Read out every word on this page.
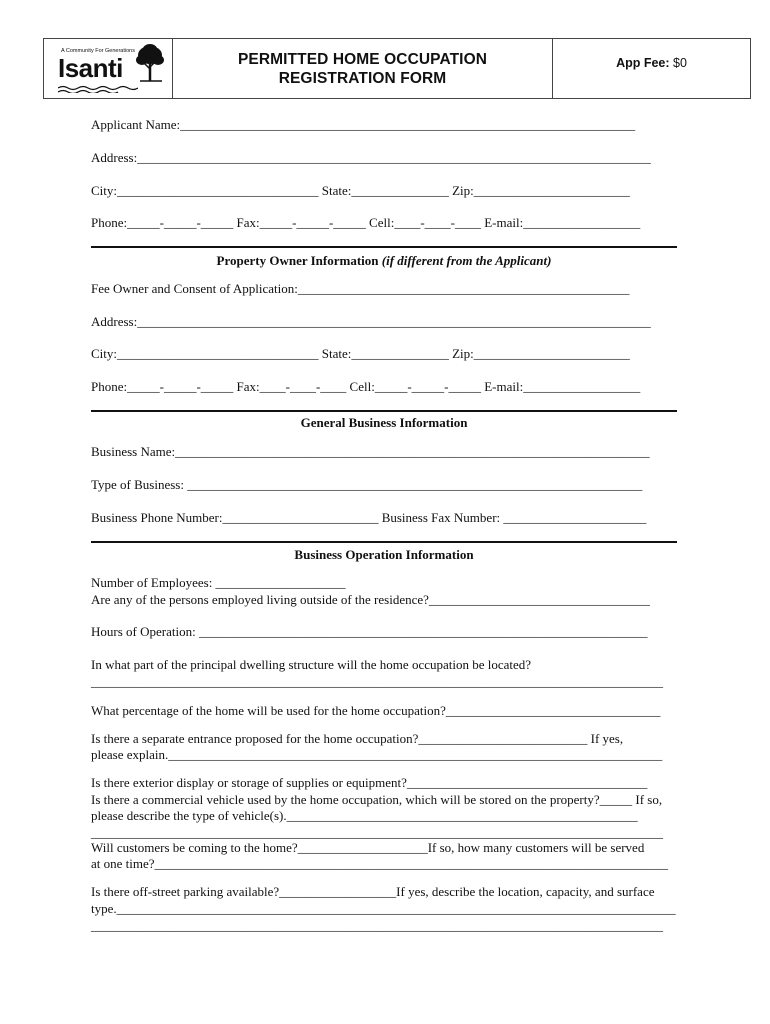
A Community For Generations
Isanti	PERMITTED HOME OCCUPATION
REGISTRATION FORM
App Fee: $0
Applicant Name:______________________________________________________________________
Address:_______________________________________________________________________________
City:_______________________________ State:_______________ Zip:________________________
Phone:_____-_____-_____ Fax:_____-_____-_____ Cell:____-____-____ E-mail:__________________
Property Owner Information (if different from the Applicant)
Fee Owner and Consent of Application:___________________________________________________
Address:_______________________________________________________________________________
City:_______________________________ State:_______________ Zip:________________________
Phone:_____-_____-_____ Fax:____-____-____ Cell:_____-_____-_____ E-mail:__________________
General Business Information
Business Name:_________________________________________________________________________
Type of Business: ______________________________________________________________________
Business Phone Number:________________________ Business Fax Number: ______________________
Business Operation Information
Number of Employees: ____________________
Are any of the persons employed living outside of the residence?__________________________________
Hours of Operation: _____________________________________________________________________
In what part of the principal dwelling structure will the home occupation be located?
________________________________________________________________________________________
What percentage of the home will be used for the home occupation?_________________________________
Is there a separate entrance proposed for the home occupation?__________________________ If yes,
please explain.____________________________________________________________________________
Is there exterior display or storage of supplies or equipment?_____________________________________
Is there a commercial vehicle used by the home occupation, which will be stored on the property?_____ If so,
please describe the type of vehicle(s).______________________________________________________
________________________________________________________________________________________
Will customers be coming to the home?____________________If so, how many customers will be served
at one time?_______________________________________________________________________________
Is there off-street parking available?__________________If yes, describe the location, capacity, and surface
type.______________________________________________________________________________________
________________________________________________________________________________________
